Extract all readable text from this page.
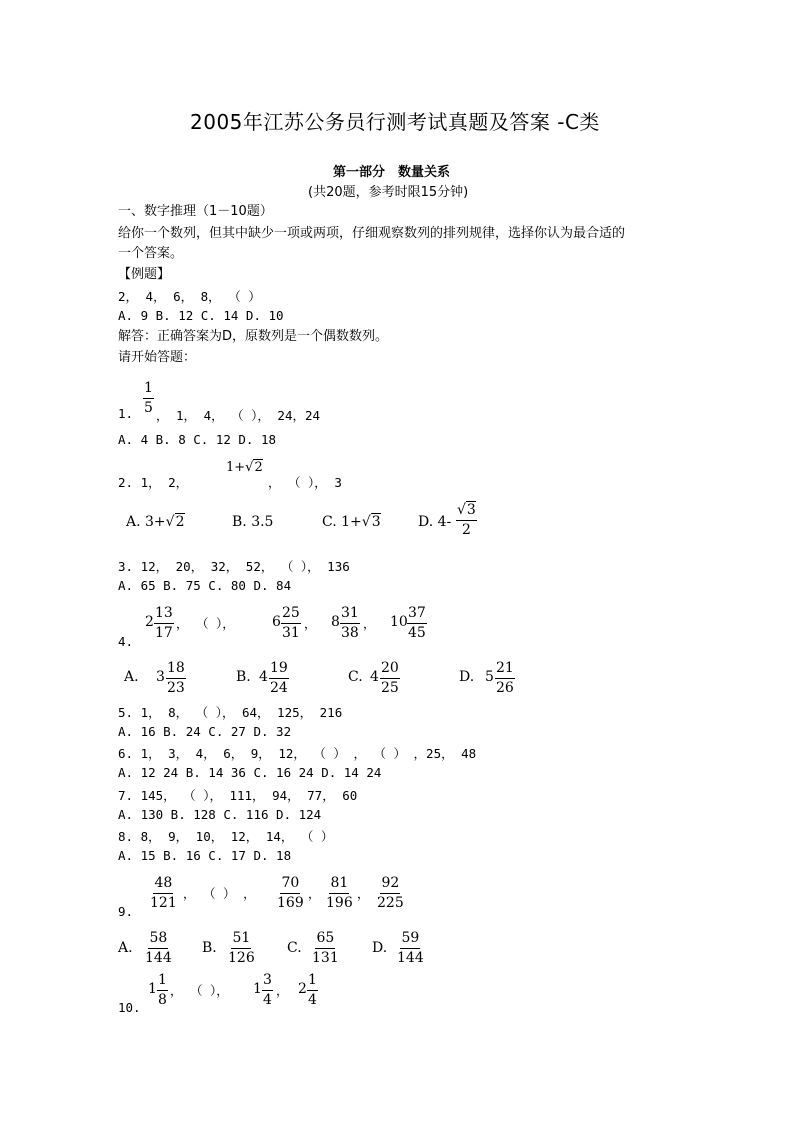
2005年江苏公务员行测考试真题及答案 -C类
第一部分　数量关系
(共20题，参考时限15分钟)
一、数字推理（1－10题）
给你一个数列，但其中缺少一项或两项，仔细观察数列的排列规律，选择你认为最合适的
一个答案。
【例题】
2， 4， 6， 8， （ ）
A. 9 B. 12 C. 14 D. 10
解答：正确答案为D，原数列是一个偶数数列。
请开始答题：
1. $\frac{1}{5}$ ， 1， 4， （ ）， 24，24
A. 4 B. 8 C. 12 D. 18
2. 1， 2，
1+√2
， （ ）， 3
A. 3+√2	B. 3.5	C. 1+√3	D. $4- \frac{√3}{2}$
3. 12， 20， 32， 52， （ ）， 136
A. 65 B. 75 C. 80 D. 84
4.
$2 \frac{13}{17}$ ， （ ），	$6 \frac{25}{31}$ ， $8 \frac{31}{38}$ ， $10 \frac{37}{45}$
A. $3 \frac{18}{23}$	B. $4 \frac{19}{24}$	C. $4 \frac{20}{25}$	D. $5 \frac{21}{26}$
5. 1， 8， （ ）， 64， 125， 216
A. 16 B. 24 C. 27 D. 32
6. 1， 3， 4， 6， 9， 12， （ ） ， （ ） ，25， 48
A. 12 24 B. 14 36 C. 16 24 D. 14 24
7. 145， （ ）， 111， 94， 77， 60
A. 130 B. 128 C. 116 D. 124
8. 8， 9， 10， 12， 14， （ ）
A. 15 B. 16 C. 17 D. 18
9. $\frac{48}{121}$ ， （ ） ， $\frac{70}{169}$ ， $\frac{81}{196}$ ， $\frac{92}{225}$
A. $\frac{58}{144} B$. $\frac{51}{126} C$. $\frac{65}{131} D$. $\frac{59}{144}$
10.
$1 \frac{1}{8}$ ， （ ）， $1 \frac{3}{4}$ ， $2 \frac{1}{4}$
